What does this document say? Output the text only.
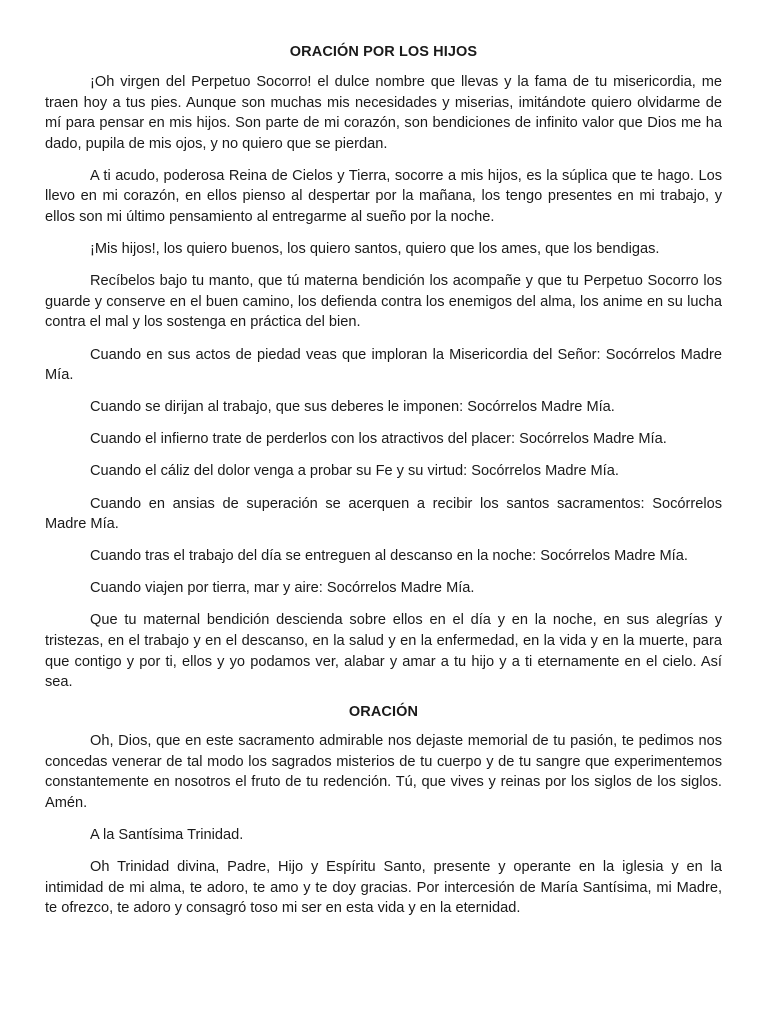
ORACIÓN POR LOS HIJOS

¡Oh virgen del Perpetuo Socorro! el dulce nombre que llevas y la fama de tu misericordia, me traen hoy a tus pies. Aunque son muchas mis necesidades y miserias, imitándote quiero olvidarme de mí para pensar en mis hijos. Son parte de mi corazón, son bendiciones de infinito valor que Dios me ha dado, pupila de mis ojos, y no quiero que se pierdan.

A ti acudo, poderosa Reina de Cielos y Tierra, socorre a mis hijos, es la súplica que te hago. Los llevo en mi corazón, en ellos pienso al despertar por la mañana, los tengo presentes en mi trabajo, y ellos son mi último pensamiento al entregarme al sueño por la noche.

¡Mis hijos!, los quiero buenos, los quiero santos, quiero que los ames, que los bendigas.

Recíbelos bajo tu manto, que tú materna bendición los acompañe y que tu Perpetuo Socorro los guarde y conserve en el buen camino, los defienda contra los enemigos del alma, los anime en su lucha contra el mal y los sostenga en práctica del bien.

Cuando en sus actos de piedad veas que imploran la Misericordia del Señor: Socórrelos Madre Mía.

Cuando se dirijan al trabajo, que sus deberes le imponen: Socórrelos Madre Mía.

Cuando el infierno trate de perderlos con los atractivos del placer: Socórrelos Madre Mía.

Cuando el cáliz del dolor venga a probar su Fe y su virtud: Socórrelos Madre Mía.

Cuando en ansias de superación se acerquen a recibir los santos sacramentos: Socórrelos Madre Mía.

Cuando tras el trabajo del día se entreguen al descanso en la noche: Socórrelos Madre Mía.

Cuando viajen por tierra, mar y aire: Socórrelos Madre Mía.

Que tu maternal bendición descienda sobre ellos en el día y en la noche, en sus alegrías y tristezas, en el trabajo y en el descanso, en la salud y en la enfermedad, en la vida y en la muerte, para que contigo y por ti, ellos y yo podamos ver, alabar y amar a tu hijo y a ti eternamente en el cielo. Así sea.

ORACIÓN

Oh, Dios, que en este sacramento admirable nos dejaste memorial de tu pasión, te pedimos nos concedas venerar de tal modo los sagrados misterios de tu cuerpo y de tu sangre que experimentemos constantemente en nosotros el fruto de tu redención. Tú, que vives y reinas por los siglos de los siglos. Amén.

A la Santísima Trinidad.

Oh Trinidad divina, Padre, Hijo y Espíritu Santo, presente y operante en la iglesia y en la intimidad de mi alma, te adoro, te amo y te doy gracias. Por intercesión de María Santísima, mi Madre, te ofrezco, te adoro y consagró toso mi ser en esta vida y en la eternidad.
